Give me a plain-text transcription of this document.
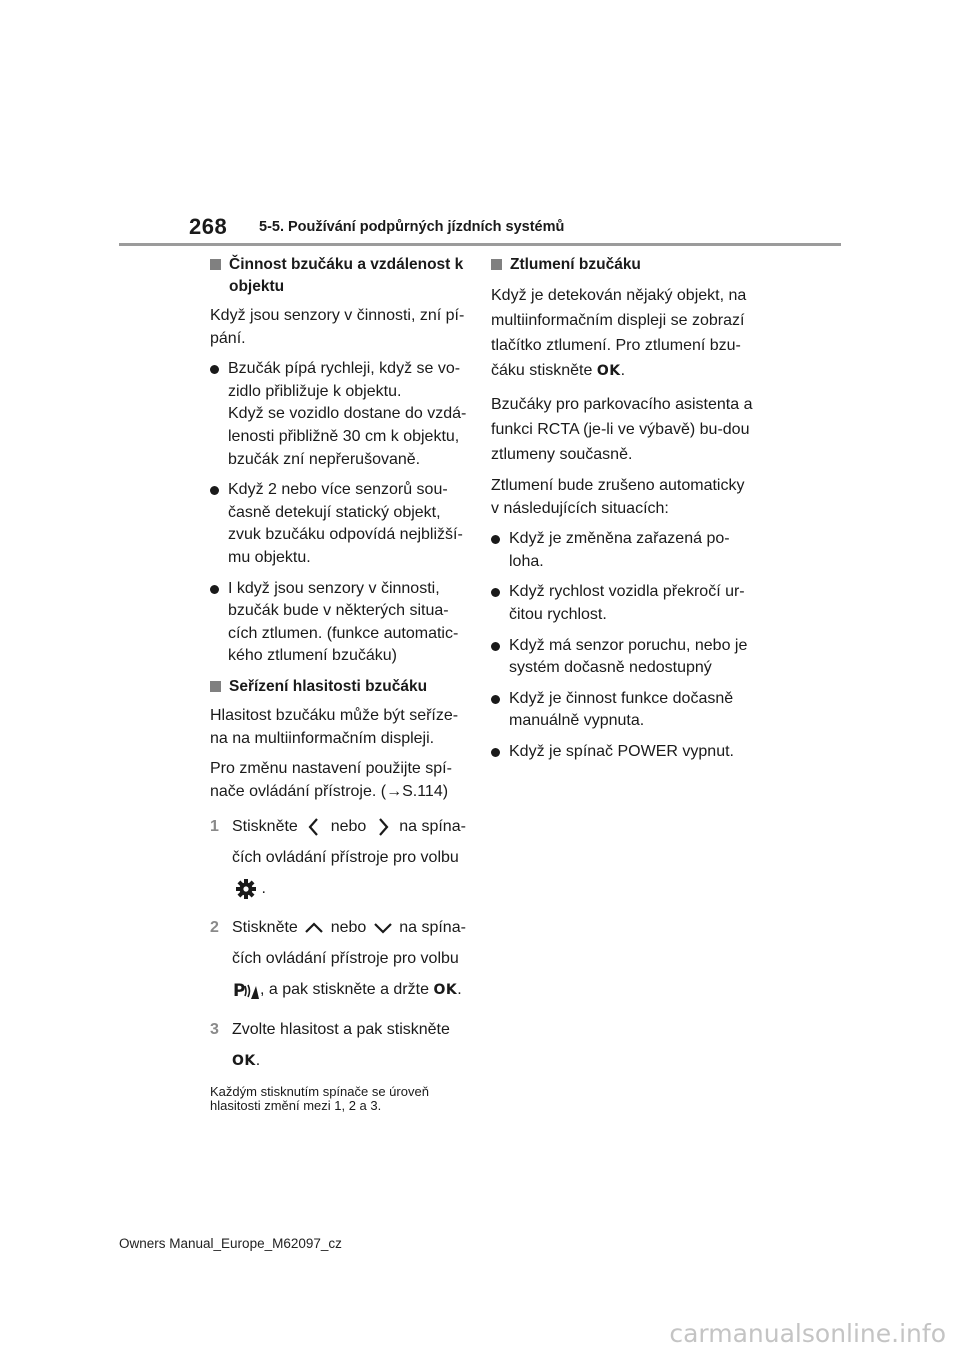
268 5-5. Používání podpůrných jízdních systémů
Činnost bzučáku a vzdálenost k objektu

Když jsou senzory v činnosti, zní pí-pání.

Bzučák pípá rychleji, když se vo-zidlo přibližuje k objektu.
Když se vozidlo dostane do vzdá-lenosti přibližně 30 cm k objektu, bzučák zní nepřerušovaně.
Když 2 nebo více senzorů sou-časně detekují statický objekt, zvuk bzučáku odpovídá nejbližší-mu objektu.
I když jsou senzory v činnosti, bzučák bude v některých situa-cích ztlumen. (funkce automatic-kého ztlumení bzučáku)
Seřízení hlasitosti bzučáku

Hlasitost bzučáku může být seříze-na na multiinformačním displeji.

Pro změnu nastavení použijte spí-nače ovládání přístroje. (→S.114)

1 Stiskněte nebo na spína-
čích ovládání přístroje pro volbu
.
2 Stiskněte nebo na spína-
čích ovládání přístroje pro volbu

P , a pak stiskněte a držte OK.
3 Zvolte hlasitost a pak stiskněte
OK.

Každým stisknutím spínače se úroveň hlasitosti změní mezi 1, 2 a 3.

Ztlumení bzučáku

Když je detekován nějaký objekt, na multiinformačním displeji se zobrazí tlačítko ztlumení. Pro ztlumení bzu-čáku stiskněte OK.

Bzučáky pro parkovacího asistenta a funkci RCTA (je-li ve výbavě) bu-dou ztlumeny současně.

Ztlumení bude zrušeno automaticky v následujících situacích:

Když je změněna zařazená po-loha.
Když rychlost vozidla překročí ur-čitou rychlost.
Když má senzor poruchu, nebo je systém dočasně nedostupný
Když je činnost funkce dočasně manuálně vypnuta.
Když je spínač POWER vypnut.
Owners Manual_Europe_M62097_cz
carmanualsonline.info
